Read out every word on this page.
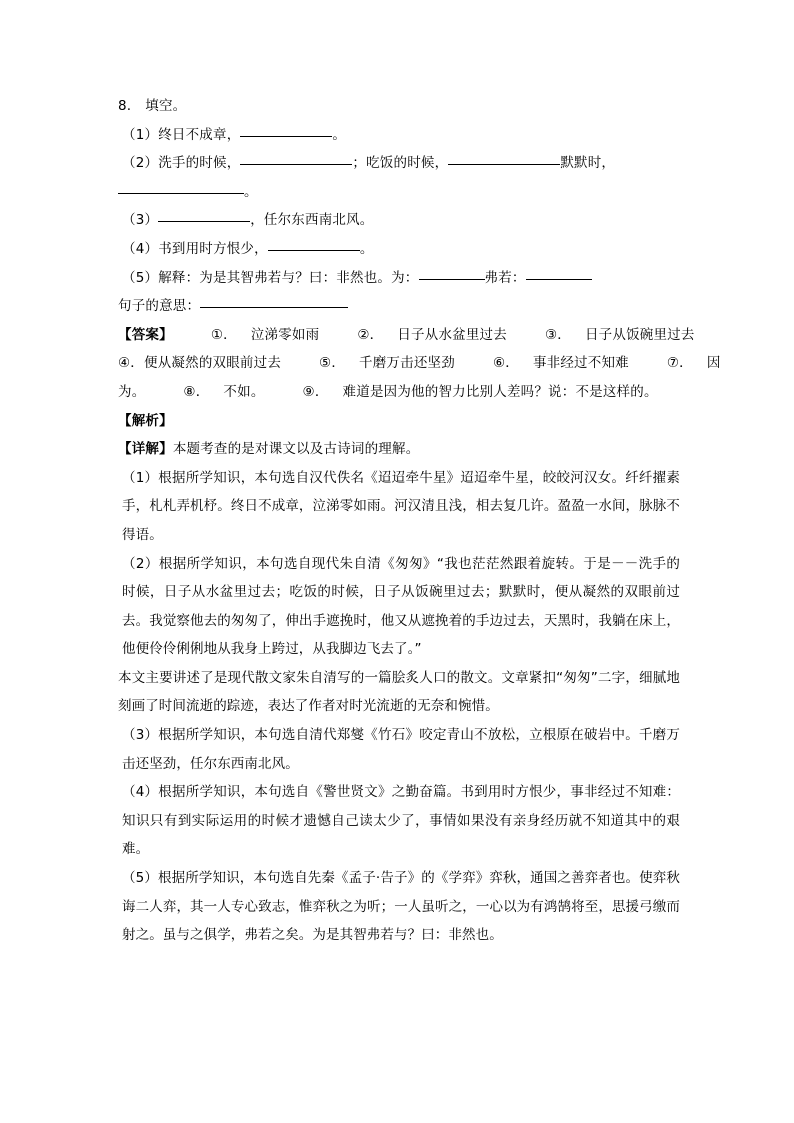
8. 填空。
（1）终日不成章，	。
（2）洗手的时候，	；吃饭的时候，	默默时，
。
（3）	，任尔东西南北风。
（4）书到用时方恨少，	。
（5）解释：为是其智弗若与？曰：非然也。为：	弗若：
句子的意思：
【答案】	①． 泣涕零如雨	②． 日子从水盆里过去	③． 日子从饭碗里过去
④．便从凝然的双眼前过去	⑤． 千磨万击还坚劲	⑥． 事非经过不知难	⑦． 因
为。	⑧． 不如。	⑨． 难道是因为他的智力比别人差吗？说：不是这样的。
【解析】
【详解】本题考查的是对课文以及古诗词的理解。
（1）根据所学知识，本句选自汉代佚名《迢迢牵牛星》迢迢牵牛星，皎皎河汉女。纤纤擢素手，札札弄机杼。终日不成章，泣涕零如雨。河汉清且浅，相去复几许。盈盈一水间，脉脉不得语。
（2）根据所学知识，本句选自现代朱自清《匆匆》“我也茫茫然跟着旋转。于是－－洗手的时候，日子从水盆里过去；吃饭的时候，日子从饭碗里过去；默默时，便从凝然的双眼前过去。我觉察他去的匆匆了，伸出手遮挽时，他又从遮挽着的手边过去，天黑时，我躺在床上，他便伶伶俐俐地从我身上跨过，从我脚边飞去了。”
本文主要讲述了是现代散文家朱自清写的一篇脍炙人口的散文。文章紧扣“匆匆”二字，细腻地刻画了时间流逝的踪迹，表达了作者对时光流逝的无奈和惋惜。
（3）根据所学知识，本句选自清代郑燮《竹石》咬定青山不放松，立根原在破岩中。千磨万击还坚劲，任尔东西南北风。
（4）根据所学知识，本句选自《警世贤文》之勤奋篇。书到用时方恨少，事非经过不知难：知识只有到实际运用的时候才遗憾自己读太少了，事情如果没有亲身经历就不知道其中的艰难。
（5）根据所学知识，本句选自先秦《孟子·告子》的《学弈》弈秋，通国之善弈者也。使弈秋诲二人弈，其一人专心致志，惟弈秋之为听；一人虽听之，一心以为有鸿鹄将至，思援弓缴而射之。虽与之俱学，弗若之矣。为是其智弗若与？曰：非然也。
